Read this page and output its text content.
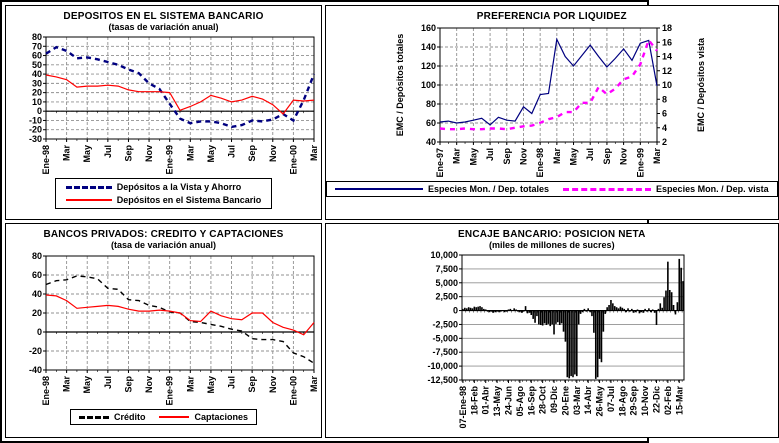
DEPOSITOS EN EL SISTEMA BANCARIO
(tasas de variación anual)
80
70
60
50
40
30
20
10
0
-10
-20
-30
Ene-98 Mar May Jul Sep Nov Ene-99 Mar May Jul Sep Nov Ene-00 Mar
Depósitos a la Vista y Ahorro
Depósitos en el Sistema Bancario
PREFERENCIA POR LIQUIDEZ
160
140
120
100
80
60
40
18
16
14
12
10
8
6
4
2
Ene-97 Mar May Jul Sep Nov Ene-98 Mar May Jul Sep Nov Ene-99 Mar
EMC / Depósitos totales	EMC / Depósitos vista
Especies Mon. / Dep. totales	Especies Mon. / Dep. vista
BANCOS PRIVADOS: CREDITO Y CAPTACIONES
(tasa de variación anual)
80
60
40
20
0
-20
-40
Ene-98 Mar May Jul Sep Nov Ene-99 Mar May Jul Sep Nov Ene-00 Mar
Crédito	Captaciones
ENCAJE BANCARIO: POSICION NETA
(miles de millones de sucres)
10,000
7,500
5,000
2,500
0
-2,500
-5,000
-7,500
-10,000
-12,500
07-Ene-98 18-Feb 01-Abr 13-May 24-Jun 05-Ago 16-Sep 28-Oct 09-Dic 20-Ene 03-Mar 14-Abr 26-May 07-Jul 18-Ago 29-Sep 10-Nov 22-Dic 02-Feb 15-Mar
